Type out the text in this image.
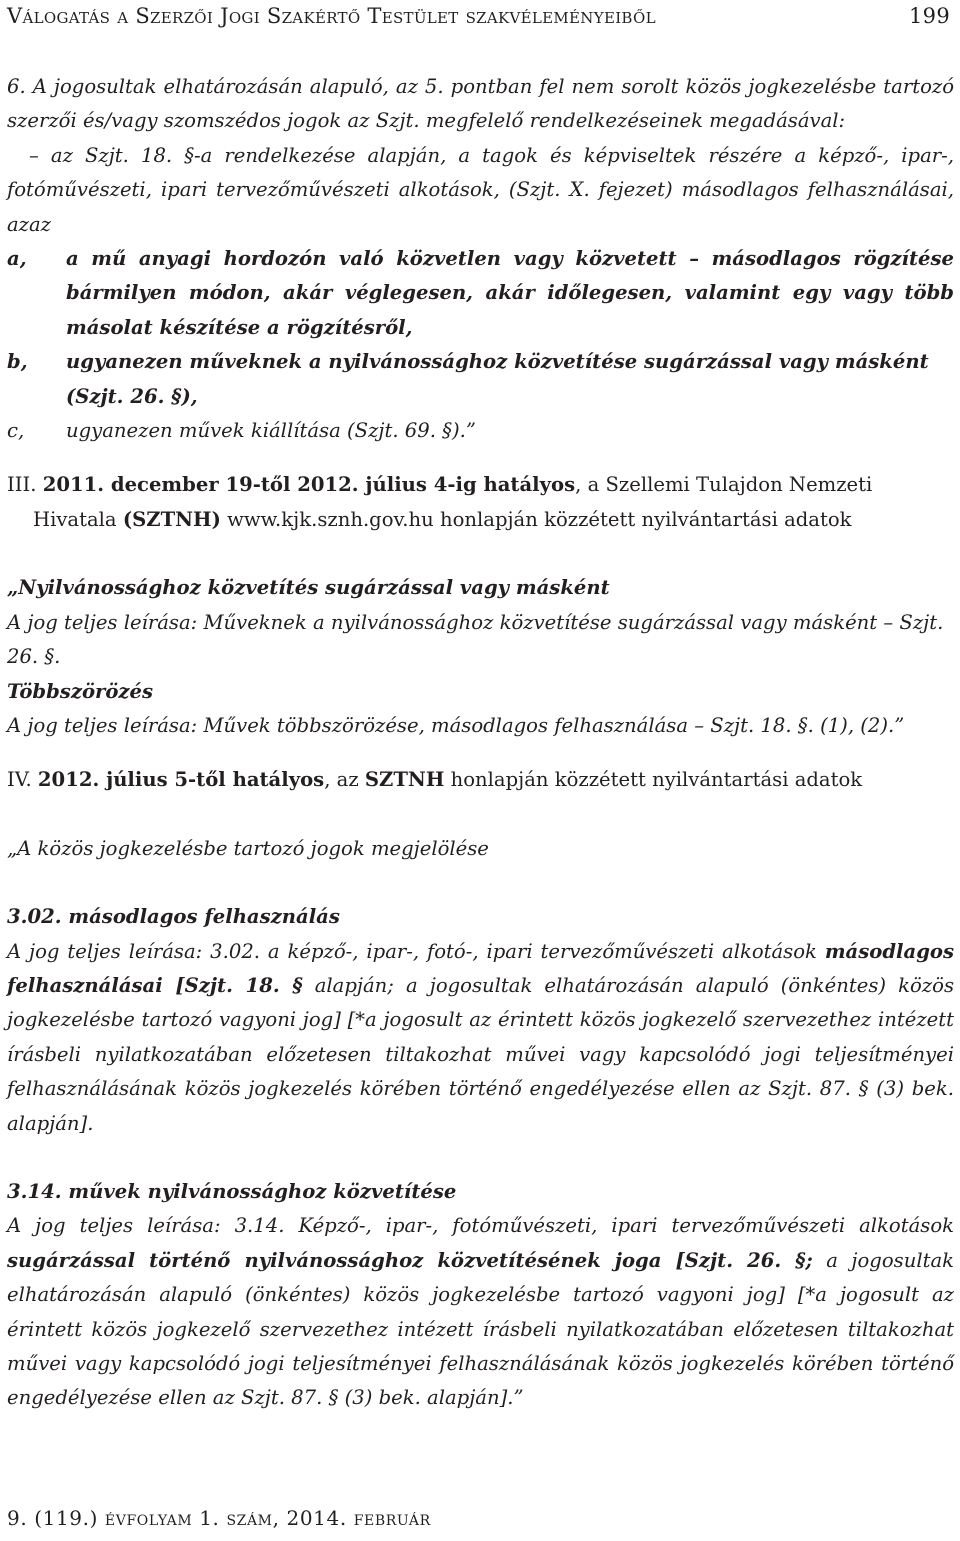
Válogatás a Szerzői Jogi Szakértő Testület szakvéleményeiből	199

6. A jogosultak elhatározásán alapuló, az 5. pontban fel nem sorolt közös jogkezelésbe tartozó szerzői és/vagy szomszédos jogok az Szjt. megfelelő rendelkezéseinek megadásával:

– az Szjt. 18. §-a rendelkezése alapján, a tagok és képviseltek részére a képző-, ipar-, fotóművészeti, ipari tervezőművészeti alkotások, (Szjt. X. fejezet) másodlagos felhasználásai, azaz

a,	a mű anyagi hordozón való közvetlen vagy közvetett – másodlagos rögzítése bármilyen módon, akár véglegesen, akár időlegesen, valamint egy vagy több másolat készítése a rögzítésről,
b,	ugyanezen műveknek a nyilvánossághoz közvetítése sugárzással vagy másként (Szjt. 26. §),
c,	ugyanezen művek kiállítása (Szjt. 69. §).”

III. 2011. december 19-től 2012. július 4-ig hatályos, a Szellemi Tulajdon Nemzeti Hivatala (SZTNH) www.kjk.sznh.gov.hu honlapján közzétett nyilvántartási adatok

„Nyilvánossághoz közvetítés sugárzással vagy másként

A jog teljes leírása: Műveknek a nyilvánossághoz közvetítése sugárzással vagy másként – Szjt. 26. §.

Többszörözés

A jog teljes leírása: Művek többszörözése, másodlagos felhasználása – Szjt. 18. §. (1), (2).”

IV. 2012. július 5-től hatályos, az SZTNH honlapján közzétett nyilvántartási adatok

„A közös jogkezelésbe tartozó jogok megjelölése

3.02. másodlagos felhasználás

A jog teljes leírása: 3.02. a képző-, ipar-, fotó-, ipari tervezőművészeti alkotások másodlagos felhasználásai [Szjt. 18. § alapján; a jogosultak elhatározásán alapuló (önkéntes) közös jogkezelésbe tartozó vagyoni jog] [*a jogosult az érintett közös jogkezelő szervezethez intézett írásbeli nyilatkozatában előzetesen tiltakozhat művei vagy kapcsolódó jogi teljesítményei felhasználásának közös jogkezelés körében történő engedélyezése ellen az Szjt. 87. § (3) bek. alapján].

3.14. művek nyilvánossághoz közvetítése

A jog teljes leírása: 3.14. Képző-, ipar-, fotóművészeti, ipari tervezőművészeti alkotások sugárzással történő nyilvánossághoz közvetítésének joga [Szjt. 26. §; a jogosultak elhatározásán alapuló (önkéntes) közös jogkezelésbe tartozó vagyoni jog] [*a jogosult az érintett közös jogkezelő szervezethez intézett írásbeli nyilatkozatában előzetesen tiltakozhat művei vagy kapcsolódó jogi teljesítményei felhasználásának közös jogkezelés körében történő engedélyezése ellen az Szjt. 87. § (3) bek. alapján].”

9. (119.) évfolyam 1. szám, 2014. február
